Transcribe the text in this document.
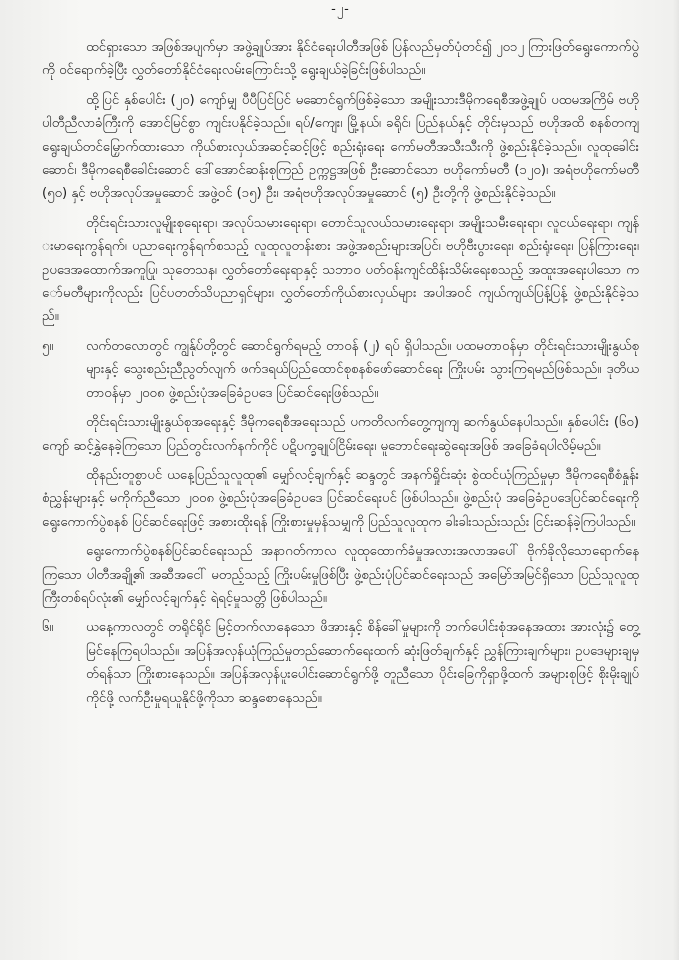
-၂-

ထင်ရှားသော အဖြစ်အပျက်မှာ အဖွဲ့ချုပ်အား နိုင်ငံရေးပါတီအဖြစ် ပြန်လည်မှတ်ပုံတင်၍ ၂၀၁၂ ကြားဖြတ်ရွေးကောက်ပွဲကို ဝင်ရောက်ခဲ့ပြီး လွှတ်တော်နိုင်ငံရေးလမ်းကြောင်းသို့ ရွေးချယ်ခဲ့ခြင်းဖြစ်ပါသည်။

ထို့ပြင် နှစ်ပေါင်း (၂၀) ကျော်မျှ ပီပီပြင်ပြင် မဆောင်ရွက်ဖြစ်ခဲ့သော အမျိုးသားဒီမိုကရေစီအဖွဲ့ချုပ် ပထမအကြိမ် ဗဟိုပါတီညီလာခံကြီးကို အောင်မြင်စွာ ကျင်းပနိုင်ခဲ့သည်။ ရပ်/ကျေး၊ မြို့နယ်၊ ခရိုင်၊ ပြည်နယ်နှင့် တိုင်းမှသည် ဗဟိုအထိ စနစ်တကျ ရွေးချယ်တင်မြှောက်ထားသော ကိုယ်စားလှယ်အဆင့်ဆင့်ဖြင့် စည်းရုံးရေး ကော်မတီအသီးသီးကို ဖွဲ့စည်းနိုင်ခဲ့သည်။ လူထုခေါင်းဆောင်၊ ဒီမိုကရေစီခေါင်းဆောင် ဒေါ်အောင်ဆန်းစုကြည် ဥက္ကဋ္ဌအဖြစ် ဦးဆောင်သော ဗဟိုကော်မတီ (၁၂၀)၊ အရံဗဟိုကော်မတီ (၅၀) နှင့် ဗဟိုအလုပ်အမှုဆောင် အဖွဲ့ဝင် (၁၅) ဦး၊ အရံဗဟိုအလုပ်အမှုဆောင် (၅) ဦးတို့ကို ဖွဲ့စည်းနိုင်ခဲ့သည်။

တိုင်းရင်းသားလူမျိုးစုရေးရာ၊ အလုပ်သမားရေးရာ၊ တောင်သူလယ်သမားရေးရာ၊ အမျိုးသမီးရေးရာ၊ လူငယ်ရေးရာ၊ ကျန်းမာရေးကွန်ရက်၊ ပညာရေးကွန်ရက်စသည့် လူထုလူတန်းစား အဖွဲ့အစည်းများအပြင်၊ ဗဟိုဗီးပွားရေး၊ စည်းရုံးရေး၊ ပြန်ကြားရေး၊ ဥပဒေအထောက်အကူပြု၊ သုတေသန၊ လွှတ်တော်ရေးရာနှင့် သဘာဝ ပတ်ဝန်းကျင်ထိန်းသိမ်းရေးစသည့် အထူးအရေးပါသော ကော်မတီများကိုလည်း ပြင်ပတတ်သိပညာရှင်များ၊ လွှတ်တော်ကိုယ်စားလှယ်များ အပါအဝင် ကျယ်ကျယ်ပြန့်ပြန့် ဖွဲ့စည်းနိုင်ခဲ့သည်။

၅။	လက်တလောတွင် ကျွန်ုပ်တို့တွင် ဆောင်ရွက်ရမည့် တာဝန် (၂) ရပ် ရှိပါသည်။ ပထမတာဝန်မှာ တိုင်းရင်းသားမျိုးနွယ်စုများနှင့် သွေးစည်းညီညွတ်လျက် ဖက်ဒရယ်ပြည်ထောင်စုစနစ်ဖော်ဆောင်ရေး ကြိုးပမ်း သွားကြရမည်ဖြစ်သည်။ ဒုတိယတာဝန်မှာ ၂၀၀၈ ဖွဲ့စည်းပုံအခြေခံဥပဒေ ပြင်ဆင်ရေးဖြစ်သည်။

တိုင်းရင်းသားမျိုးနွယ်စုအရေးနှင့် ဒီမိုကရေစီအရေးသည် ပကတိလက်တွေ့ကျကျ ဆက်နွယ်နေပါသည်။ နှစ်ပေါင်း (၆၀) ကျော် ဆင့်နွှဲနေခဲ့ကြသော ပြည်တွင်းလက်နက်ကိုင် ပဋိပက္ခချုပ်ငြိမ်းရေး၊ မူဘောင်ရေးဆွဲရေးအဖြစ် အခြေခံရပါလိမ့်မည်။

ထိုနည်းတူစွာပင် ယနေ့ပြည်သူလူထု၏ မျှော်လင့်ချက်နှင့် ဆန္ဒတွင် အနက်ရှိုင်းဆုံး စွဲထင်ယုံကြည်မှုမှာ ဒီမိုကရေစီစံနှုန်းစံညွှန်းများနှင့် မကိုက်ညီသော ၂၀၀၈ ဖွဲ့စည်းပုံအခြေခံဥပဒေ ပြင်ဆင်ရေးပင် ဖြစ်ပါသည်။ ဖွဲ့စည်းပုံ အခြေခံဥပဒေပြင်ဆင်ရေးကို ရွေးကောက်ပွဲစနစ် ပြင်ဆင်ရေးဖြင့် အစားထိုးရန် ကြိုးစားမှုမှန်သမျှကို ပြည်သူလူထုက ခါးခါးသည်းသည်း ငြင်းဆန်ခဲ့ကြပါသည်။

ရွေးကောက်ပွဲစနစ်ပြင်ဆင်ရေးသည် အနာဂတ်ကာလ လူထုထောက်ခံမှုအလားအလာအပေါ် ဗိုက်ခိုလိုသောရောက်နေကြသော ပါတီအချို့၏ အဆီအငေါ် မတည့်သည့် ကြိုးပမ်းမှုဖြစ်ပြီး ဖွဲ့စည်းပုံပြင်ဆင်ရေးသည် အမြော်အမြင်ရှိသော ပြည်သူလူထုကြီးတစ်ရပ်လုံး၏ မျှော်လင့်ချက်နှင့် ရဲရင့်မှုသတ္တိ ဖြစ်ပါသည်။

၆။	ယနေ့ကာလတွင် တရိုင်ရိုင် မြင့်တက်လာနေသော ဖိအားနှင့် စိန်ခေါ်မှုများကို ဘက်ပေါင်းစုံအနေအထား အားလုံး၌ တွေ့မြင်နေကြရပါသည်။ အပြန်အလှန်ယုံကြည်မှုတည်ဆောက်ရေးထက် ဆုံးဖြတ်ချက်နှင့် ညွှန်ကြားချက်များ၊ ဥပဒေများချမှတ်ရန်သာ ကြိုးစားနေသည်။ အပြန်အလှန်ပူးပေါင်းဆောင်ရွက်ဖို့ တူညီသော ပိုင်းခြေကိုရှာဖို့ထက် အများစုဖြင့် စိုးမိုးချုပ်ကိုင်ဖို့ လက်ဦးမှုရယူနိုင်ဖို့ကိုသာ ဆန္ဒစောနေသည်။
